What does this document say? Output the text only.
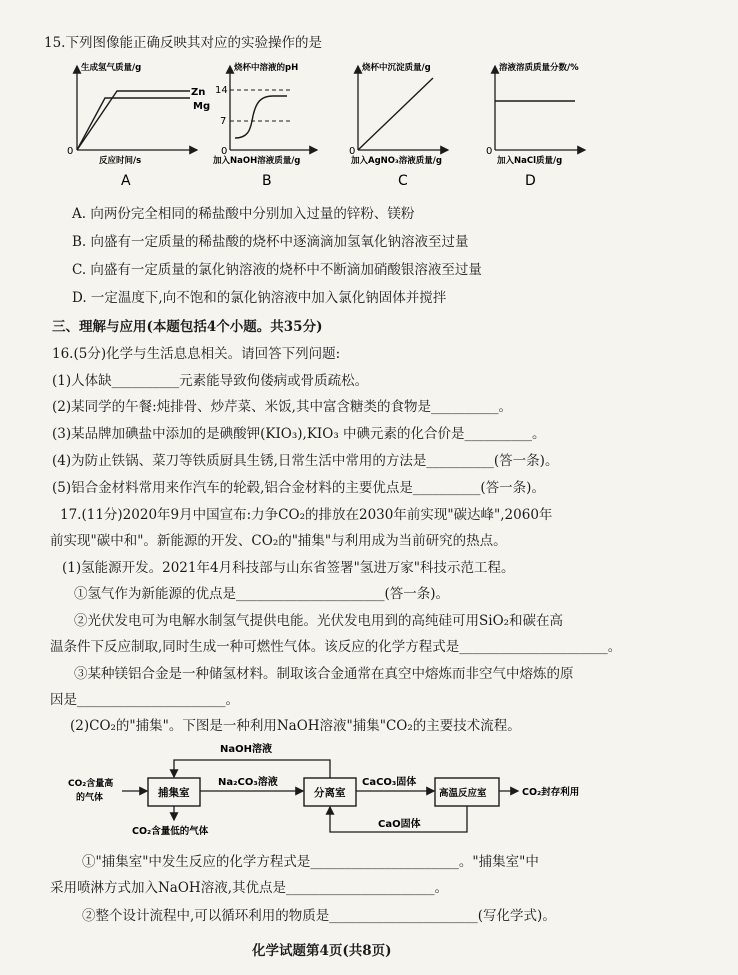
15.下列图像能正确反映其对应的实验操作的是
生成氢气质量/g
反应时间/s
Zn
Mg
0
A
烧杯中溶液的pH
14
7
0
加入NaOH溶液质量/g
B
烧杯中沉淀质量/g
0
加入AgNO₃溶液质量/g
C
溶液溶质质量分数/%
0
加入NaCl质量/g
D
A. 向两份完全相同的稀盐酸中分别加入过量的锌粉、镁粉
B. 向盛有一定质量的稀盐酸的烧杯中逐滴滴加氢氧化钠溶液至过量
C. 向盛有一定质量的氯化钠溶液的烧杯中不断滴加硝酸银溶液至过量
D. 一定温度下,向不饱和的氯化钠溶液中加入氯化钠固体并搅拌
三、理解与应用(本题包括4个小题。共35分)
16.(5分)化学与生活息息相关。请回答下列问题:
(1)人体缺__________元素能导致佝偻病或骨质疏松。
(2)某同学的午餐:炖排骨、炒芹菜、米饭,其中富含糖类的食物是__________。
(3)某品牌加碘盐中添加的是碘酸钾(KIO₃),KIO₃ 中碘元素的化合价是__________。
(4)为防止铁锅、菜刀等铁质厨具生锈,日常生活中常用的方法是__________(答一条)。
(5)铝合金材料常用来作汽车的轮毂,铝合金材料的主要优点是__________(答一条)。
17.(11分)2020年9月中国宣布:力争CO₂的排放在2030年前实现"碳达峰",2060年
前实现"碳中和"。新能源的开发、CO₂的"捕集"与利用成为当前研究的热点。
(1)氢能源开发。2021年4月科技部与山东省签署"氢进万家"科技示范工程。
①氢气作为新能源的优点是______________________(答一条)。
②光伏发电可为电解水制氢气提供电能。光伏发电用到的高纯硅可用SiO₂和碳在高
温条件下反应制取,同时生成一种可燃性气体。该反应的化学方程式是______________________。
③某种镁铝合金是一种储氢材料。制取该合金通常在真空中熔炼而非空气中熔炼的原
因是______________________。
(2)CO₂的"捕集"。下图是一种利用NaOH溶液"捕集"CO₂的主要技术流程。
捕集室	分离室	高温反应室
CO₂含量高
的气体
Na₂CO₃溶液
NaOH溶液
CaCO₃固体
CO₂封存利用
CO₂含量低的气体
CaO固体
①"捕集室"中发生反应的化学方程式是______________________。"捕集室"中
采用喷淋方式加入NaOH溶液,其优点是______________________。
②整个设计流程中,可以循环利用的物质是______________________(写化学式)。
化学试题第4页(共8页)
